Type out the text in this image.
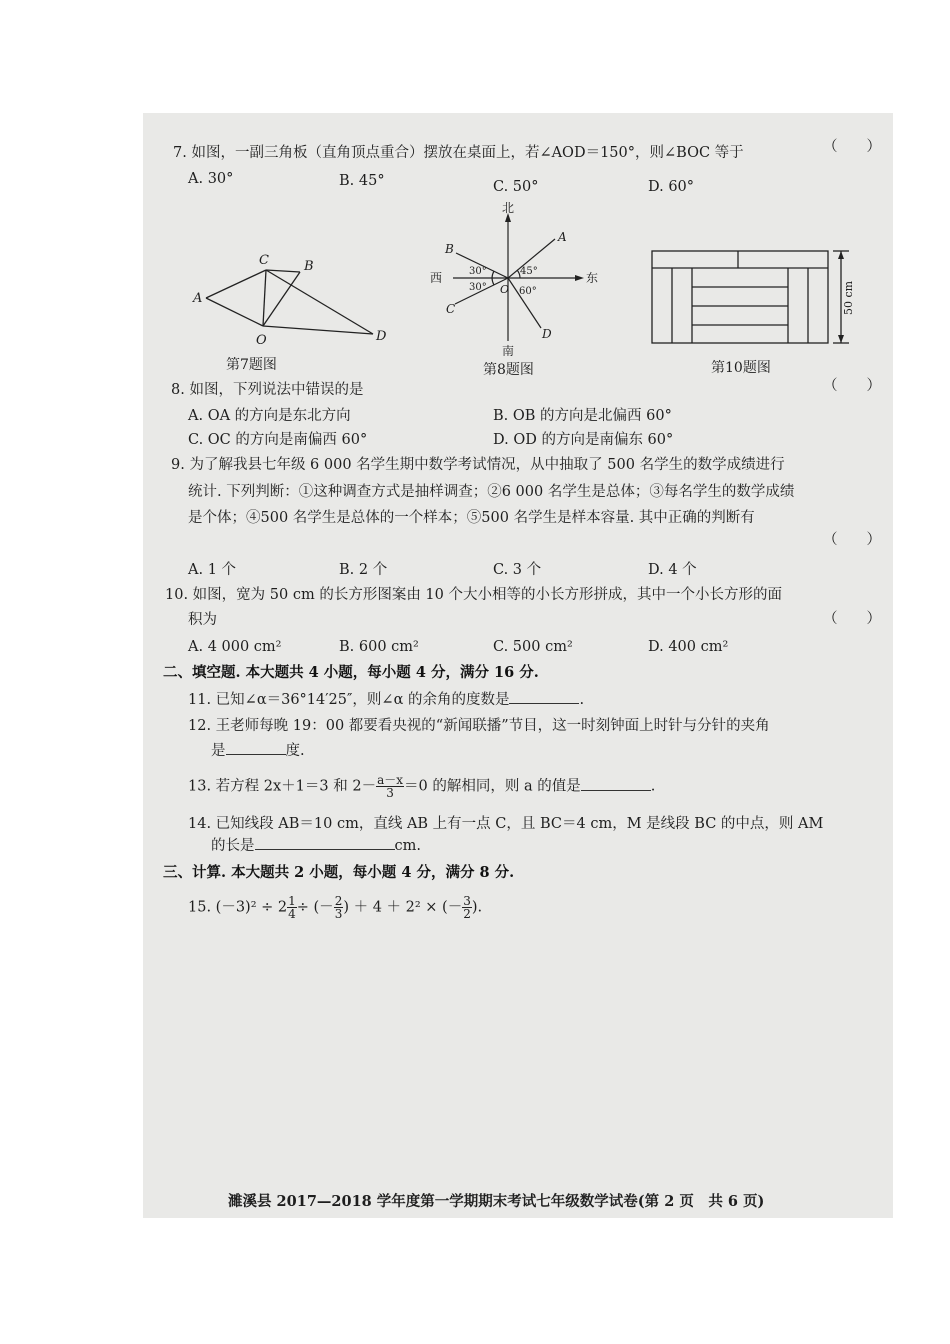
7. 如图，一副三角板（直角顶点重合）摆放在桌面上，若∠AOD＝150°，则∠BOC 等于	（　　）
A. 30°	B. 45°	C. 50°	D. 60°
A
C	B
O	D
第7题图
北
南
东
西
A
B
C
D
O
30°
30°
45°
60°
第8题图
50 cm
第10题图
8. 如图，下列说法中错误的是	（　　）
A. OA 的方向是东北方向	B. OB 的方向是北偏西 60°
C. OC 的方向是南偏西 60°	D. OD 的方向是南偏东 60°
9. 为了解我县七年级 6 000 名学生期中数学考试情况，从中抽取了 500 名学生的数学成绩进行
统计. 下列判断：①这种调查方式是抽样调查；②6 000 名学生是总体；③每名学生的数学成绩
是个体；④500 名学生是总体的一个样本；⑤500 名学生是样本容量. 其中正确的判断有
（　　）
A. 1 个	B. 2 个	C. 3 个	D. 4 个
10. 如图，宽为 50 cm 的长方形图案由 10 个大小相等的小长方形拼成，其中一个小长方形的面
积为	（　　）
A. 4 000 cm²	B. 600 cm²	C. 500 cm²	D. 400 cm²
二、填空题. 本大题共 4 小题，每小题 4 分，满分 16 分.
11. 已知∠α＝36°14′25″，则∠α 的余角的度数是	.
12. 王老师每晚 19：00 都要看央视的“新闻联播”节目，这一时刻钟面上时针与分针的夹角
是	度.
13. 若方程 2x＋1＝3 和 $2- \frac{a-x}{3} =0$ 的解相同，则 a 的值是	.
14. 已知线段 AB＝10 cm，直线 AB 上有一点 C，且 BC＝4 cm，M 是线段 BC 的中点，则 AM
的长是	cm.
三、计算. 本大题共 2 小题，每小题 4 分，满分 8 分.
15. $(-3)^2 \div 2 \frac{1}{4}$ ÷ (－ $\frac{2}{3}$ ) ＋ 4 ＋ 2² × (－ $\frac{3}{2}$ ).
濉溪县 2017—2018 学年度第一学期期末考试七年级数学试卷(第 2 页　共 6 页)
